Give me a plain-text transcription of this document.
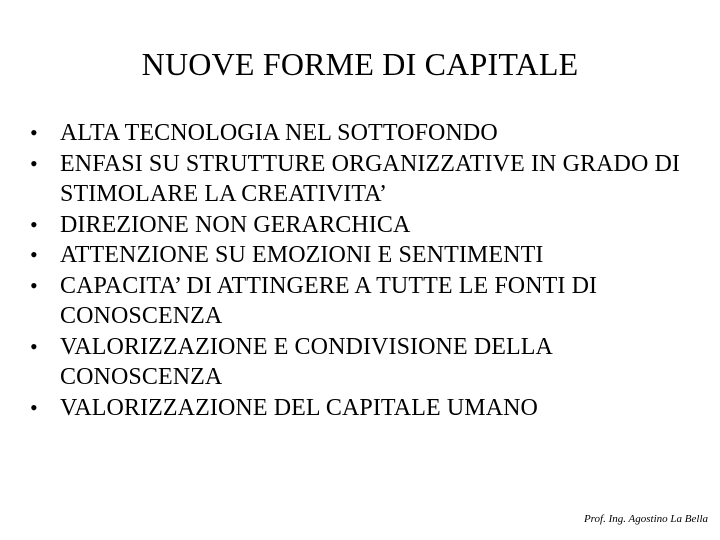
NUOVE FORME DI CAPITALE
• ALTA TECNOLOGIA NEL SOTTOFONDO
• ENFASI SU STRUTTURE ORGANIZZATIVE IN GRADO DI STIMOLARE LA CREATIVITA’
• DIREZIONE NON GERARCHICA
• ATTENZIONE SU EMOZIONI E SENTIMENTI
• CAPACITA’ DI ATTINGERE A TUTTE LE FONTI DI CONOSCENZA
• VALORIZZAZIONE E CONDIVISIONE DELLA CONOSCENZA
• VALORIZZAZIONE DEL CAPITALE UMANO
Prof. Ing. Agostino La Bella
